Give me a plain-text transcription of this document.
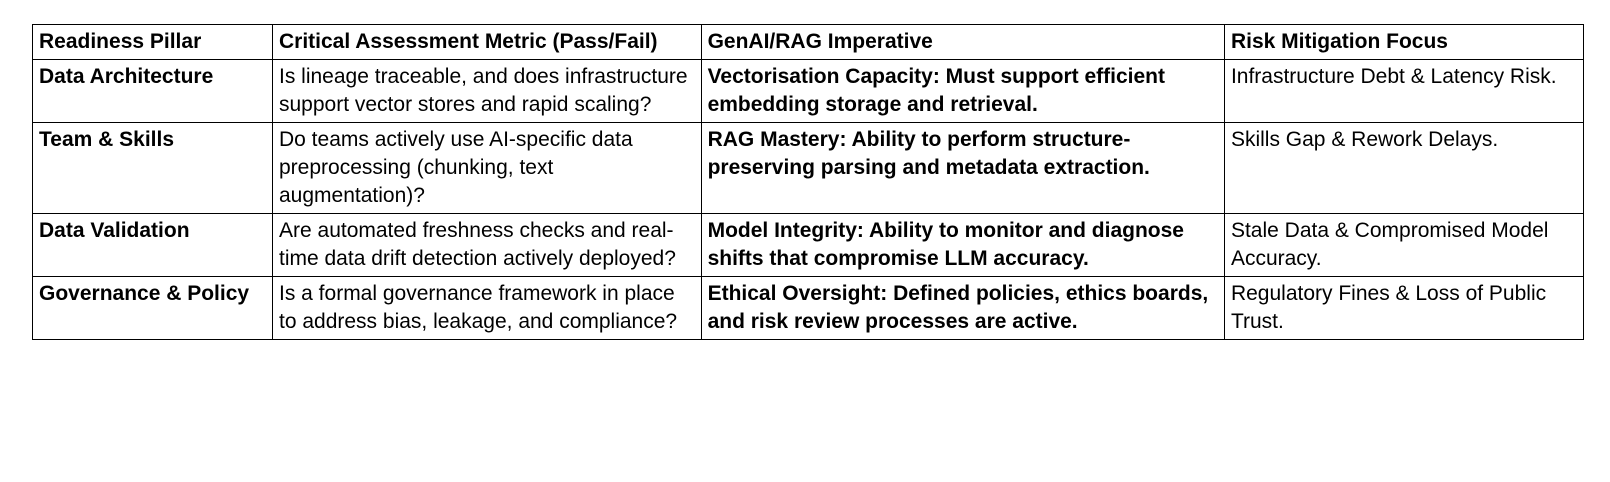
Readiness Pillar	Critical Assessment Metric (Pass/Fail)	GenAI/RAG Imperative	Risk Mitigation Focus
Data Architecture	Is lineage traceable, and does infrastructure support vector stores and rapid scaling?	Vectorisation Capacity: Must support efficient embedding storage and retrieval.	Infrastructure Debt & Latency Risk.
Team & Skills	Do teams actively use AI-specific data preprocessing (chunking, text augmentation)?	RAG Mastery: Ability to perform structure-preserving parsing and metadata extraction.	Skills Gap & Rework Delays.
Data Validation	Are automated freshness checks and real-time data drift detection actively deployed?	Model Integrity: Ability to monitor and diagnose shifts that compromise LLM accuracy.	Stale Data & Compromised Model Accuracy.
Governance & Policy	Is a formal governance framework in place to address bias, leakage, and compliance?	Ethical Oversight: Defined policies, ethics boards, and risk review processes are active.	Regulatory Fines & Loss of Public Trust.
